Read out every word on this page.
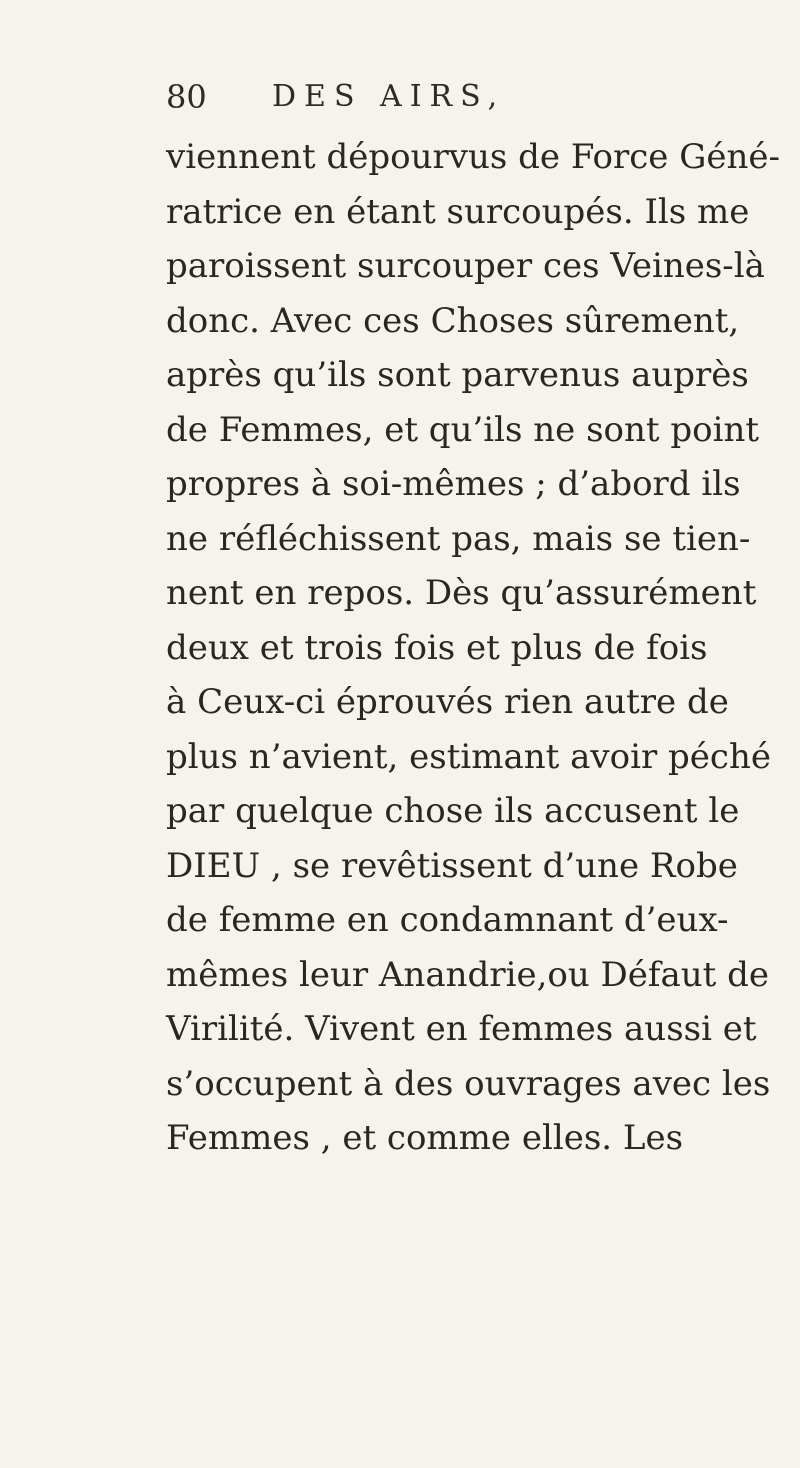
80 DES AIRS,
viennent dépourvus de Force Géné-
ratrice en étant surcoupés. Ils me
paroissent surcouper ces Veines-là
donc. Avec ces Choses sûrement,
après qu’ils sont parvenus auprès
de Femmes, et qu’ils ne sont point
propres à soi-mêmes ; d’abord ils
ne réfléchissent pas, mais se tien-
nent en repos. Dès qu’assurément
deux et trois fois et plus de fois
à Ceux-ci éprouvés rien autre de
plus n’avient, estimant avoir péché
par quelque chose ils accusent le
DIEU , se revêtissent d’une Robe
de femme en condamnant d’eux-
mêmes leur Anandrie,ou Défaut de
Virilité. Vivent en femmes aussi et
s’occupent à des ouvrages avec les
Femmes , et comme elles. Les
